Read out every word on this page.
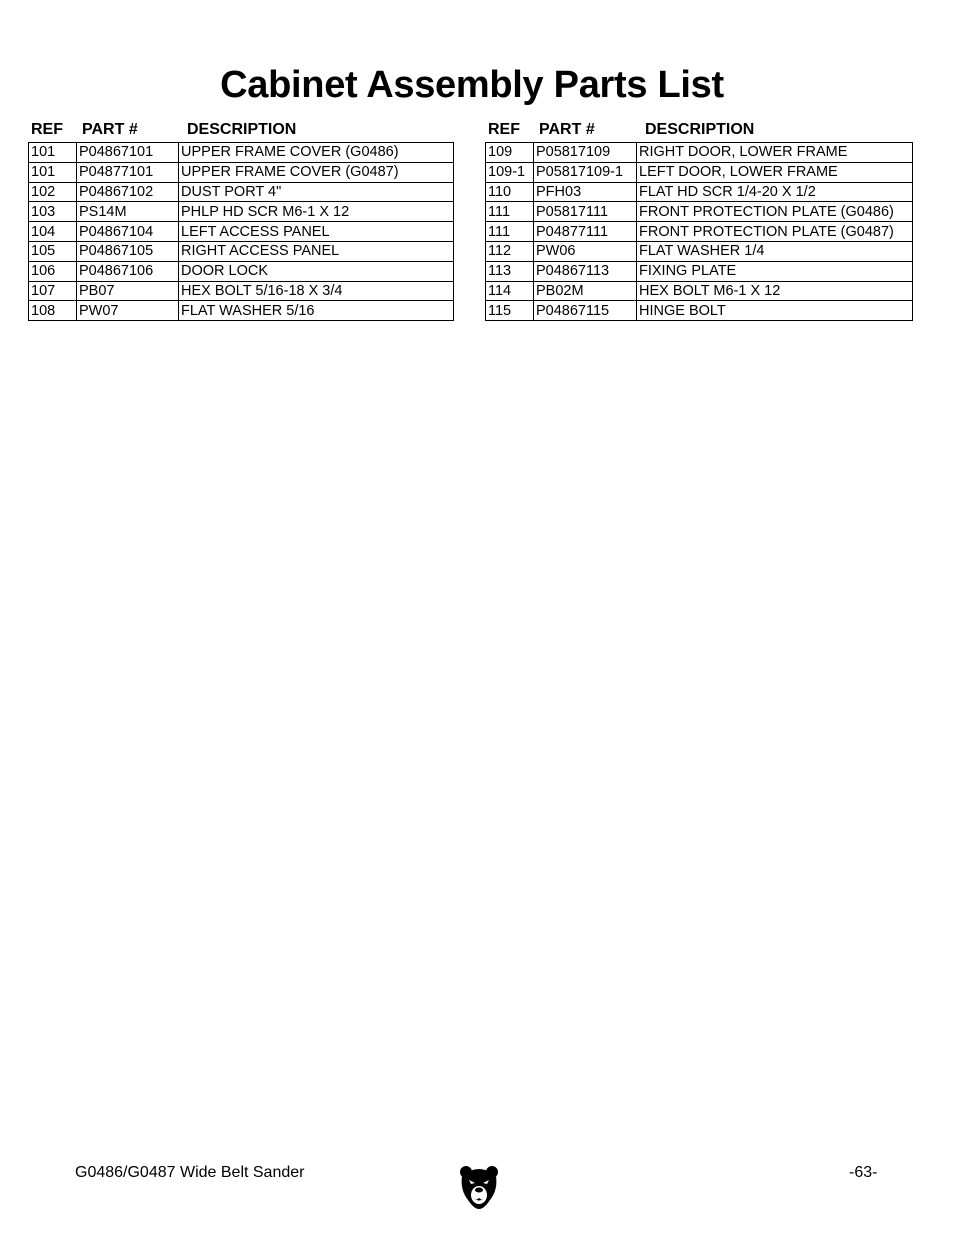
Cabinet Assembly Parts List
REF	PART #	DESCRIPTION
101	P04867101	UPPER FRAME COVER (G0486)
101	P04877101	UPPER FRAME COVER (G0487)
102	P04867102	DUST PORT 4"
103	PS14M	PHLP HD SCR M6-1 X 12
104	P04867104	LEFT ACCESS PANEL
105	P04867105	RIGHT ACCESS PANEL
106	P04867106	DOOR LOCK
107	PB07	HEX BOLT 5/16-18 X 3/4
108	PW07	FLAT WASHER 5/16
REF	PART #	DESCRIPTION
109	P05817109	RIGHT DOOR, LOWER FRAME
109-1	P05817109-1	LEFT DOOR, LOWER FRAME
110	PFH03	FLAT HD SCR 1/4-20 X 1/2
111	P05817111	FRONT PROTECTION PLATE (G0486)
111	P04877111	FRONT PROTECTION PLATE (G0487)
112	PW06	FLAT WASHER 1/4
113	P04867113	FIXING PLATE
114	PB02M	HEX BOLT M6-1 X 12
115	P04867115	HINGE BOLT
G0486/G0487 Wide Belt Sander	-63-
